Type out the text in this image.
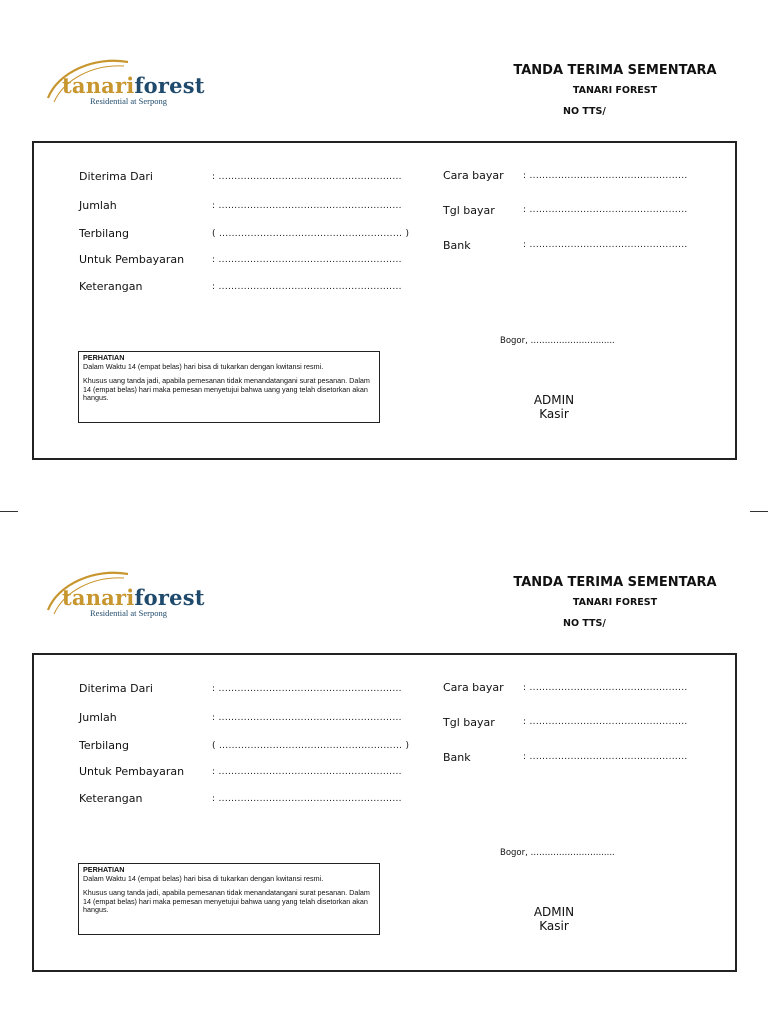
tanariforest
Residential at Serpong
TANDA TERIMA SEMENTARA
TANARI FOREST
NO TTS/
Diterima Dari	: ..........................................................
Jumlah	: ..........................................................
Terbilang	( .......................................................... )
Untuk Pembayaran	: ..........................................................
Keterangan	: ..........................................................
Cara bayar : ..................................................
Tgl bayar	: ..................................................
Bank	: ..................................................

PERHATIAN

Dalam Waktu 14 (empat belas) hari bisa di tukarkan dengan kwitansi resmi.

Khusus uang tanda jadi, apabila pemesanan tidak menandatangani surat pesanan. Dalam 14 (empat belas) hari maka pemesan menyetujui bahwa uang yang telah disetorkan akan hangus.

Bogor, ……………………......
ADMIN
Kasir
tanariforest
Residential at Serpong
TANDA TERIMA SEMENTARA
TANARI FOREST
NO TTS/
Diterima Dari	: ..........................................................
Jumlah	: ..........................................................
Terbilang	( .......................................................... )
Untuk Pembayaran	: ..........................................................
Keterangan	: ..........................................................
Cara bayar : ..................................................
Tgl bayar	: ..................................................
Bank	: ..................................................

PERHATIAN

Dalam Waktu 14 (empat belas) hari bisa di tukarkan dengan kwitansi resmi.

Khusus uang tanda jadi, apabila pemesanan tidak menandatangani surat pesanan. Dalam 14 (empat belas) hari maka pemesan menyetujui bahwa uang yang telah disetorkan akan hangus.

Bogor, ……………………......
ADMIN
Kasir
